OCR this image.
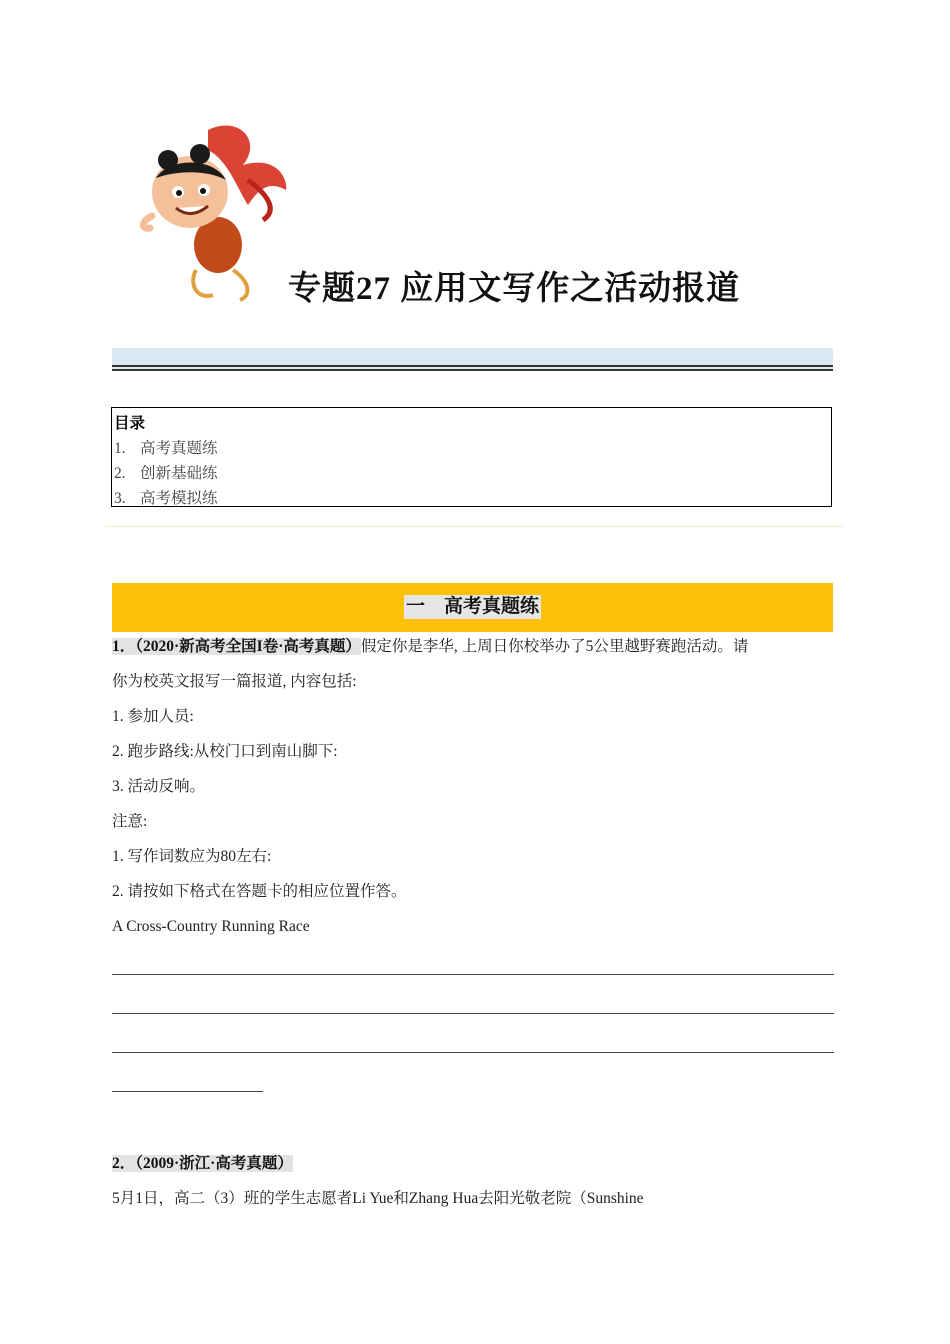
专题27 应用文写作之活动报道
目录
1. 高考真题练
2. 创新基础练
3. 高考模拟练
一　高考真题练
1．（2020·新高考全国I卷·高考真题）假定你是李华, 上周日你校举办了5公里越野赛跑活动。请
你为校英文报写一篇报道, 内容包括:
1. 参加人员:
2. 跑步路线:从校门口到南山脚下:
3. 活动反响。
注意:
1. 写作词数应为80左右:
2. 请按如下格式在答题卡的相应位置作答。
A Cross-Country Running Race
2．（2009·浙江·高考真题）
5月1日，高二（3）班的学生志愿者Li Yue和Zhang Hua去阳光敬老院（Sunshine
